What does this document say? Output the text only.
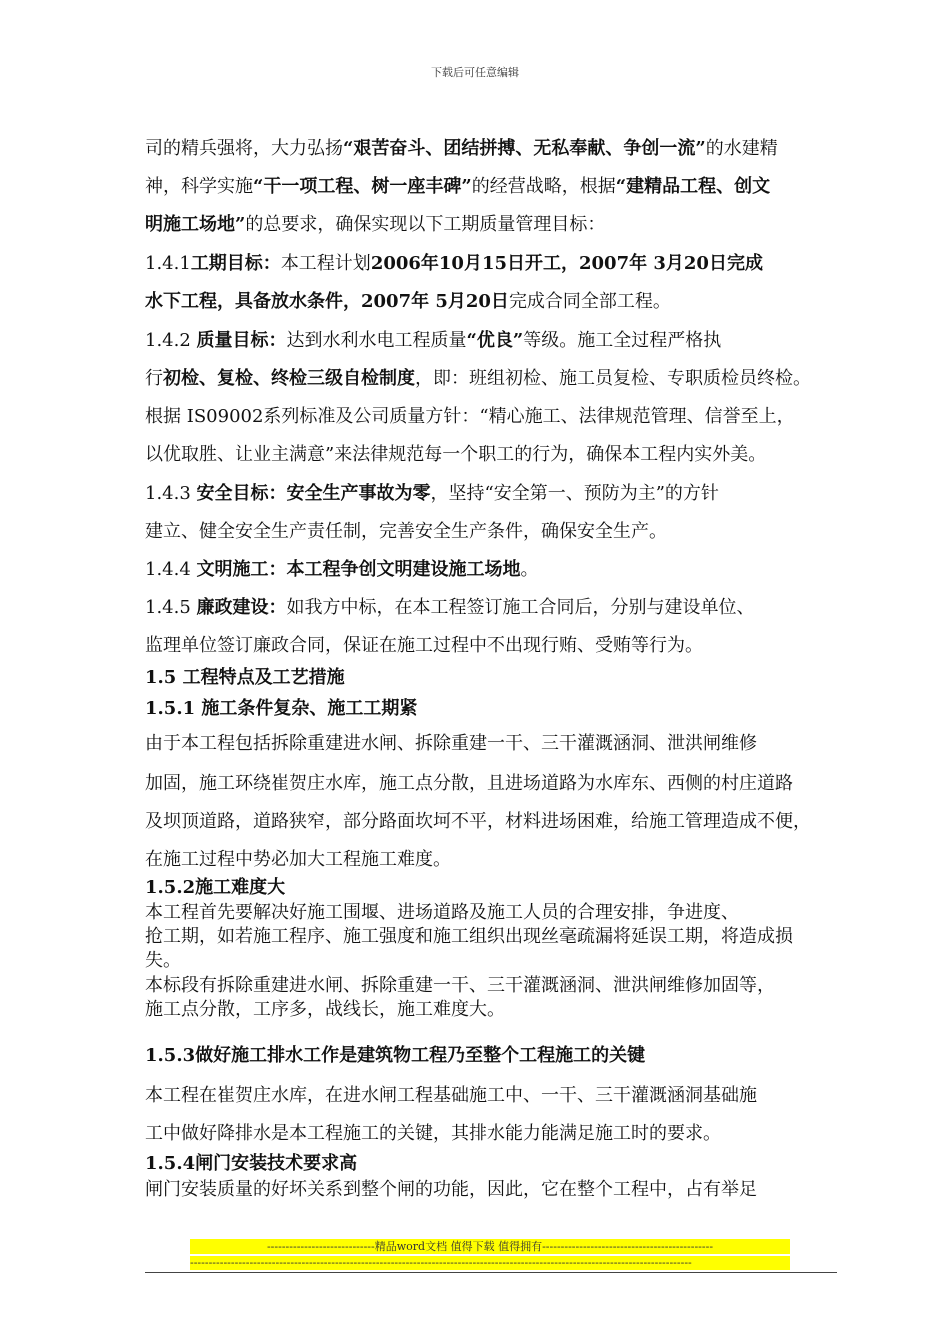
下载后可任意编辑
司的精兵强将，大力弘扬“艰苦奋斗、团结拼搏、无私奉献、争创一流”的水建精
神，科学实施“干一项工程、树一座丰碑”的经营战略，根据“建精品工程、创文
明施工场地”的总要求，确保实现以下工期质量管理目标：
1.4.1工期目标：本工程计划2006年10月15日开工，2007年 3月20日完成
水下工程，具备放水条件，2007年 5月20日完成合同全部工程。
1.4.2 质量目标：达到水利水电工程质量“优良”等级。施工全过程严格执
行初检、复检、终检三级自检制度，即：班组初检、施工员复检、专职质检员终检。
根据 IS09002系列标准及公司质量方针：“精心施工、法律规范管理、信誉至上，
以优取胜、让业主满意”来法律规范每一个职工的行为，确保本工程内实外美。
1.4.3 安全目标：安全生产事故为零，坚持“安全第一、预防为主”的方针
建立、健全安全生产责任制，完善安全生产条件，确保安全生产。
1.4.4 文明施工：本工程争创文明建设施工场地。
1.4.5 廉政建设：如我方中标，在本工程签订施工合同后，分别与建设单位、
监理单位签订廉政合同，保证在施工过程中不出现行贿、受贿等行为。
1.5 工程特点及工艺措施
1.5.1 施工条件复杂、施工工期紧
由于本工程包括拆除重建进水闸、拆除重建一干、三干灌溉涵洞、泄洪闸维修
加固，施工环绕崔贺庄水库，施工点分散，且进场道路为水库东、西侧的村庄道路
及坝顶道路，道路狭窄，部分路面坎坷不平，材料进场困难，给施工管理造成不便，
在施工过程中势必加大工程施工难度。
1.5.2施工难度大
本工程首先要解决好施工围堰、进场道路及施工人员的合理安排，争进度、
抢工期，如若施工程序、施工强度和施工组织出现丝毫疏漏将延误工期，将造成损
失。
本标段有拆除重建进水闸、拆除重建一干、三干灌溉涵洞、泄洪闸维修加固等，
施工点分散，工序多，战线长，施工难度大。
1.5.3做好施工排水工作是建筑物工程乃至整个工程施工的关键
本工程在崔贺庄水库，在进水闸工程基础施工中、一干、三干灌溉涵洞基础施
工中做好降排水是本工程施工的关键，其排水能力能满足施工时的要求。
1.5.4闸门安装技术要求高
闸门安装质量的好坏关系到整个闸的功能，因此，它在整个工程中，占有举足
-----------------------------精品word文档 值得下载 值得拥有----------------------------------------------
---------------------------------------------------------------------------------------------------------------------------------------
